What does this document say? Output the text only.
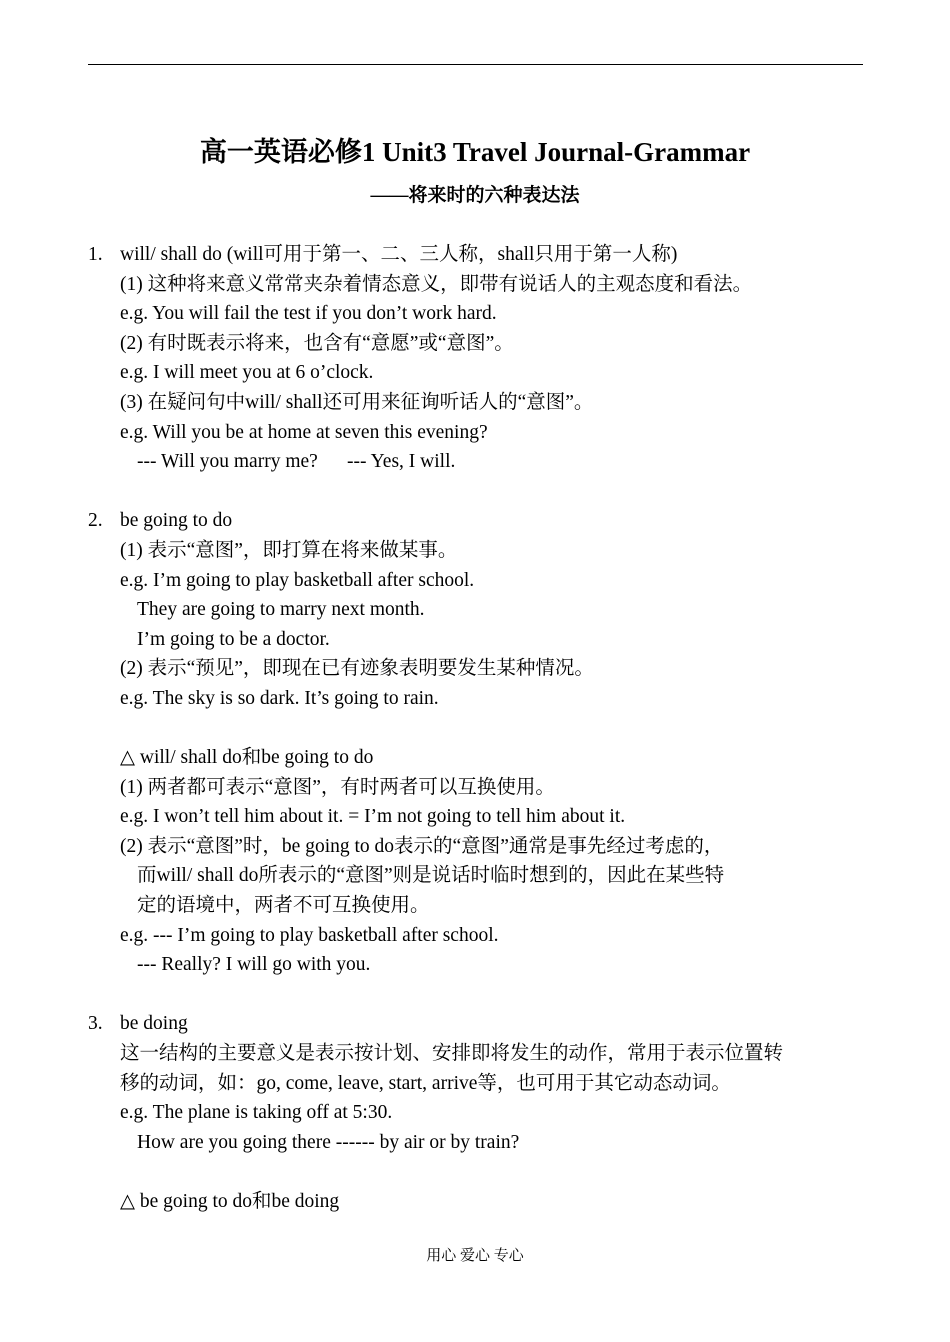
高一英语必修1 Unit3 Travel Journal-Grammar
——将来时的六种表达法
1. will/ shall do (will可用于第一、二、三人称，shall只用于第一人称)
(1) 这种将来意义常常夹杂着情态意义，即带有说话人的主观态度和看法。
e.g. You will fail the test if you don’t work hard.
(2) 有时既表示将来，也含有“意愿”或“意图”。
e.g. I will meet you at 6 o’clock.
(3) 在疑问句中will/ shall还可用来征询听话人的“意图”。
e.g. Will you be at home at seven this evening?
--- Will you marry me?      --- Yes, I will.
2. be going to do
(1) 表示“意图”，即打算在将来做某事。
e.g. I’m going to play basketball after school.
They are going to marry next month.
I’m going to be a doctor.
(2) 表示“预见”，即现在已有迹象表明要发生某种情况。
e.g. The sky is so dark. It’s going to rain.
△ will/ shall do和be going to do
(1) 两者都可表示“意图”，有时两者可以互换使用。
e.g. I won’t tell him about it. = I’m not going to tell him about it.
(2) 表示“意图”时，be going to do表示的“意图”通常是事先经过考虑的，
而will/ shall do所表示的“意图”则是说话时临时想到的，因此在某些特
定的语境中，两者不可互换使用。
e.g. --- I’m going to play basketball after school.
--- Really? I will go with you.
3. be doing
这一结构的主要意义是表示按计划、安排即将发生的动作，常用于表示位置转
移的动词，如：go, come, leave, start, arrive等，也可用于其它动态动词。
e.g. The plane is taking off at 5:30.
How are you going there ------ by air or by train?
△ be going to do和be doing
用心 爱心 专心
